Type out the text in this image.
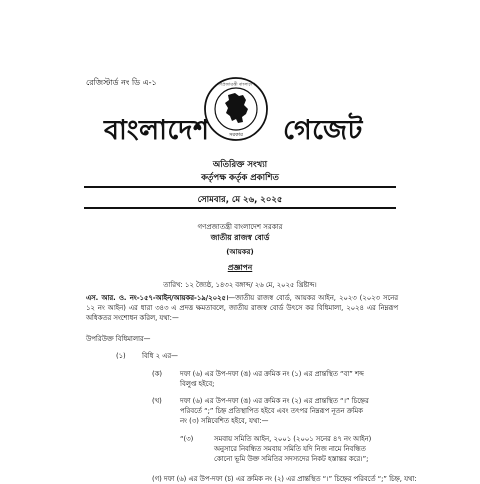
রেজিস্টার্ড নং ডি এ-১
বাংলাদেশ
গণপ্রজাতন্ত্রী বাংলাদেশ
সরকার গেজেট
অতিরিক্ত সংখ্যা
কর্তৃপক্ষ কর্তৃক প্রকাশিত
সোমবার, মে ২৬, ২০২৫
গণপ্রজাতন্ত্রী বাংলাদেশ সরকার
জাতীয় রাজস্ব বোর্ড
(আয়কর)
প্রজ্ঞাপন
তারিখ: ১২ জ্যৈষ্ঠ, ১৪৩২ বঙ্গাব্দ/ ২৬ মে, ২০২৫ খ্রিষ্টাব্দ।
এস. আর. ও. নং-১৫৭-আইন/আয়কর-১৯/২০২৫।—জাতীয় রাজস্ব বোর্ড, আয়কর আইন, ২০২৩ (২০২৩ সনের ১২ নং আইন) এর ধারা ৩৪৩ এ প্রদত্ত ক্ষমতাবলে, জাতীয় রাজস্ব বোর্ড উৎসে কর বিধিমালা, ২০২৪ এর নিম্নরূপ অধিকতর সংশোধন করিল, যথা:—
উপরিউক্ত বিধিমালার—
(১) বিধি ২ এর—
(ক)	দফা (৬) এর উপ-দফা (ঙ) এর ক্রমিক নং (১) এর প্রান্তস্থিত “বা” শব্দ
বিলুপ্ত হইবে;
(খ)	দফা (৬) এর উপ-দফা (ঙ) এর ক্রমিক নং (২) এর প্রান্তস্থিত “।” চিহ্নের
পরিবর্তে “;” চিহ্ন প্রতিস্থাপিত হইবে এবং তৎপর নিম্নরূপ নূতন ক্রমিক
নং (৩) সন্নিবেশিত হইবে, যথা:—
“(৩)	সমবায় সমিতি আইন, ২০০১ (২০০১ সনের ৪৭ নং আইন)
অনুসারে নিবন্ধিত সমবায় সমিতি যদি নিজ নামে নিবন্ধিত
কোনো ভূমি উক্ত সমিতির সদস্যদের নিকট হস্তান্তর করে।”;
(গ) দফা (৬) এর উপ-দফা (চ) এর ক্রমিক নং (২) এর প্রান্তস্থিত “।” চিহ্নের পরিবর্তে “;” চিহ্ন, যথা:
